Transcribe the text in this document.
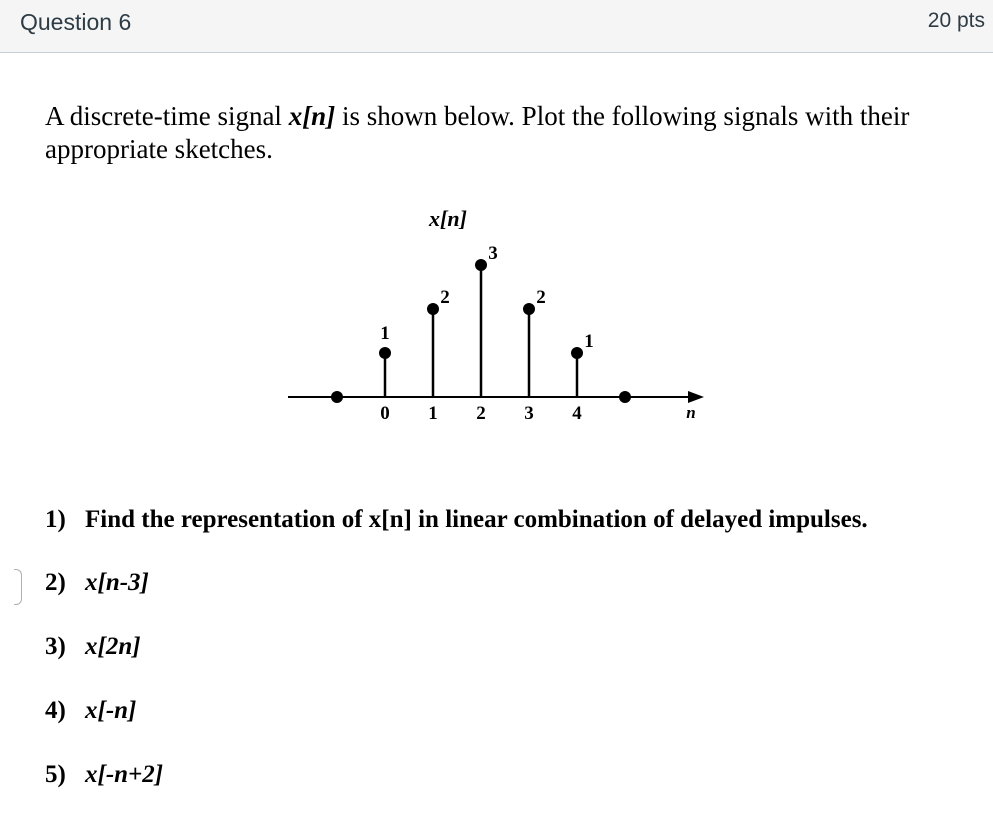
Question 6	20 pts
A discrete-time signal x[n] is shown below. Plot the following signals with their appropriate sketches.
x[n]
n
1
0
2
1
3
2
2
3
1
4
1) Find the representation of x[n] in linear combination of delayed impulses.
2) x[n-3]
3) x[2n]
4) x[-n]
5) x[-n+2]
